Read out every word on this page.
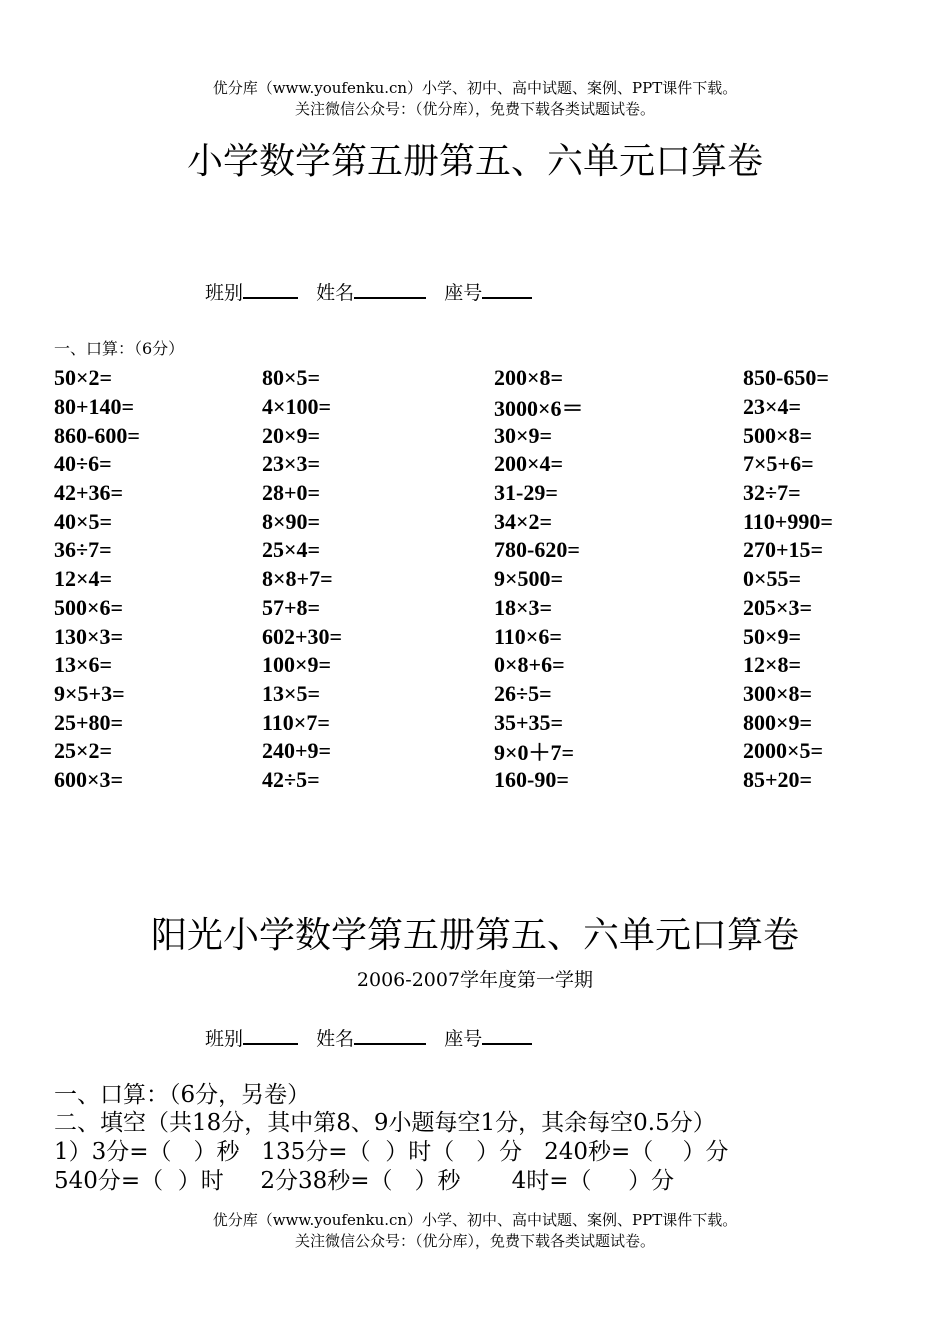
优分库（www.youfenku.cn）小学、初中、高中试题、案例、PPT课件下载。
关注微信公众号：（优分库），免费下载各类试题试卷。
小学数学第五册第五、六单元口算卷
班别	姓名	座号
一、口算：（6分）
50×2=	80×5=	200×8=	850-650=
80+140=	4×100=	3000×6＝	23×4=
860-600=	20×9=	30×9=	500×8=
40÷6=	23×3=	200×4=	7×5+6=
42+36=	28+0=	31-29=	32÷7=
40×5=	8×90=	34×2=	110+990=
36÷7=	25×4=	780-620=	270+15=
12×4=	8×8+7=	9×500=	0×55=
500×6=	57+8=	18×3=	205×3=
130×3=	602+30=	110×6=	50×9=
13×6=	100×9=	0×8+6=	12×8=
9×5+3=	13×5=	26÷5=	300×8=
25+80=	110×7=	35+35=	800×9=
25×2=	240+9=	9×0＋7=	2000×5=
600×3=	42÷5=	160-90=	85+20=
阳光小学数学第五册第五、六单元口算卷
2006-2007学年度第一学期
班别	姓名	座号
一、口算：（6分，另卷）
二、填空（共18分，其中第8、9小题每空1分，其余每空0.5分）
1）3分=（   ）秒   135分=（  ）时（   ）分   240秒=（    ）分
540分=（  ）时     2分38秒=（   ）秒       4时=（     ）分
优分库（www.youfenku.cn）小学、初中、高中试题、案例、PPT课件下载。
关注微信公众号：（优分库），免费下载各类试题试卷。
